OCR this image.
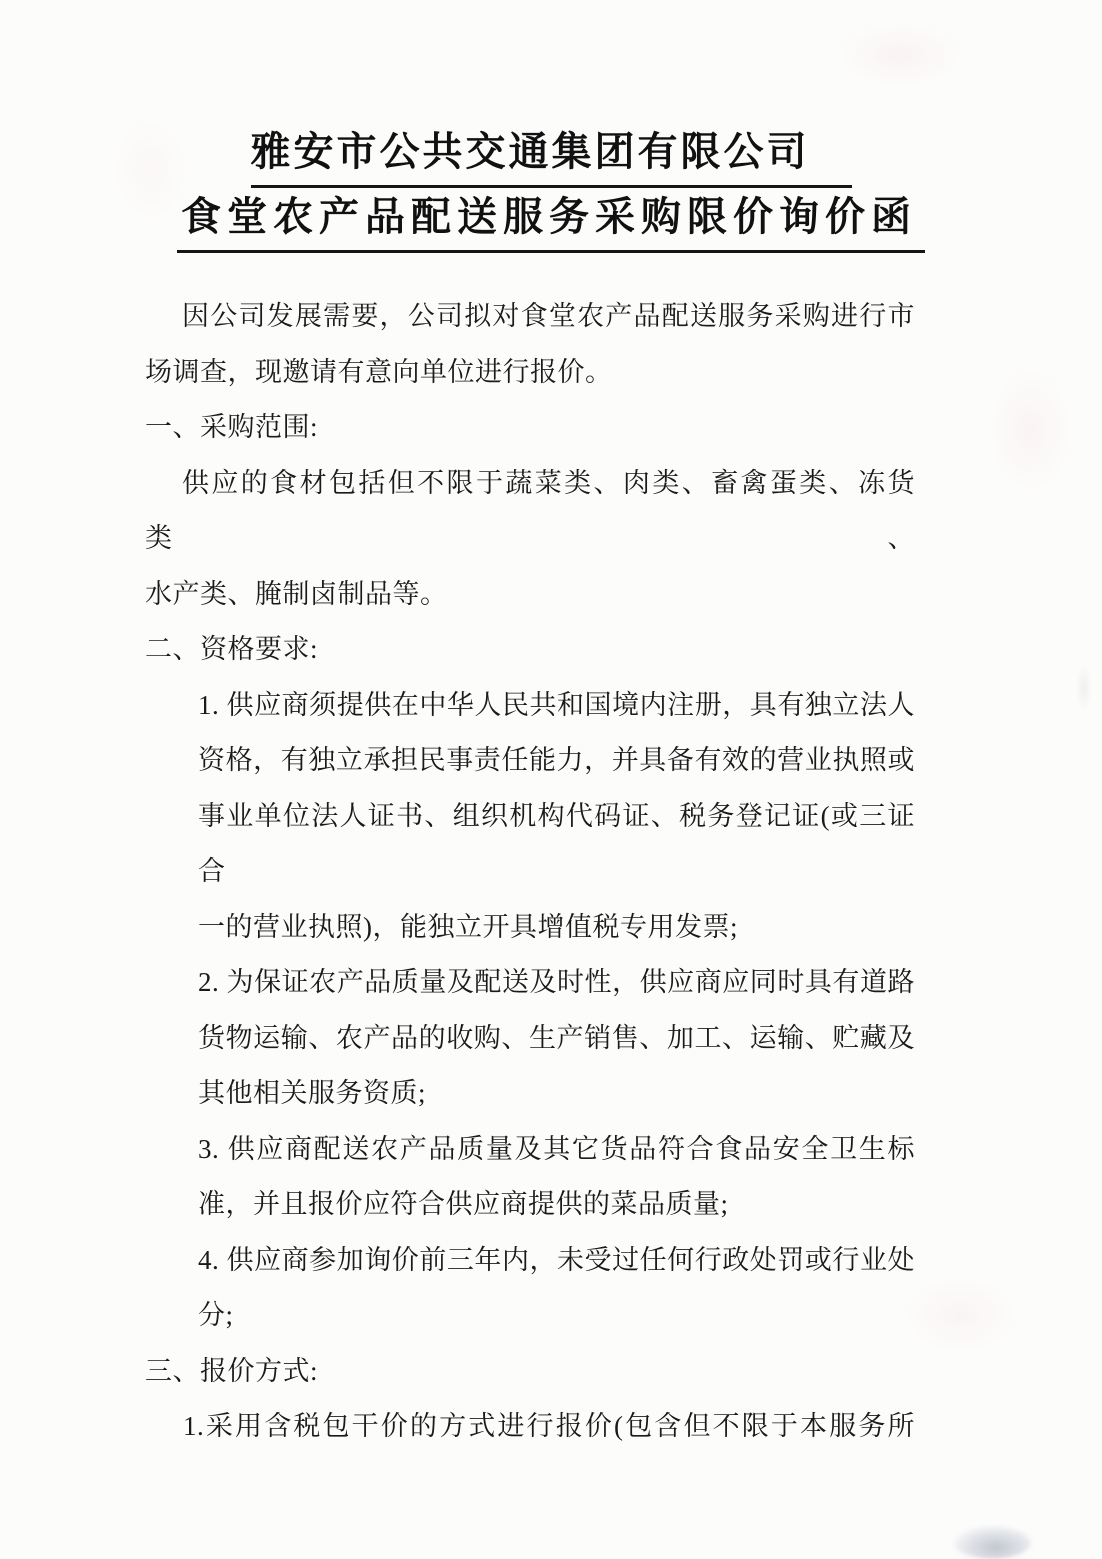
雅安市公共交通集团有限公司
食堂农产品配送服务采购限价询价函
因公司发展需要，公司拟对食堂农产品配送服务采购进行市
场调查，现邀请有意向单位进行报价。
一、采购范围:
供应的食材包括但不限于蔬菜类、肉类、畜禽蛋类、冻货类、
水产类、腌制卤制品等。
二、资格要求:
1. 供应商须提供在中华人民共和国境内注册，具有独立法人
资格，有独立承担民事责任能力，并具备有效的营业执照或
事业单位法人证书、组织机构代码证、税务登记证(或三证合
一的营业执照)，能独立开具增值税专用发票;
2. 为保证农产品质量及配送及时性，供应商应同时具有道路
货物运输、农产品的收购、生产销售、加工、运输、贮藏及
其他相关服务资质;
3. 供应商配送农产品质量及其它货品符合食品安全卫生标
准，并且报价应符合供应商提供的菜品质量;
4. 供应商参加询价前三年内，未受过任何行政处罚或行业处
分;
三、报价方式:
1.采用含税包干价的方式进行报价(包含但不限于本服务所
